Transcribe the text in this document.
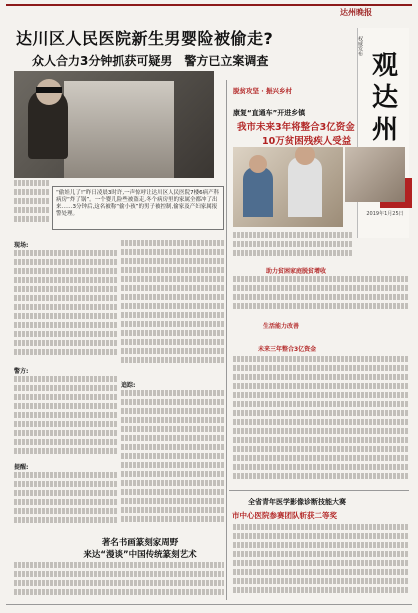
达州晚报
达川区人民医院新生男婴险被偷走?
众人合力3分钟抓获可疑男　警方已立案调查
“偷娃儿了!”昨日凌晨3时许,一声惊呼让达川区人民医院7楼6病产科病房“炸了锅”。一个婴儿险些被盗走,冬个病房里的家属全都冲了出来……3分钟后,这名被称“偷小孩”的男子被控制,偷家及产妇家属报警处理。
现场:
警方:
提醒:
追踪:
著名书画篆刻家周野
来达“漫谈”中国传统篆刻艺术
权威发布
观达州
2019年1月25日
脱贫攻坚 · 振兴乡村
康复“直通车”开进乡镇
我市未来3年将整合3亿资金
10万贫困残疾人受益
助力贫困家庭脱贫增收
生活能力改善
未来三年整合3亿资金
全省青年医学影像诊断技能大赛
市中心医院参赛团队斩获二等奖
